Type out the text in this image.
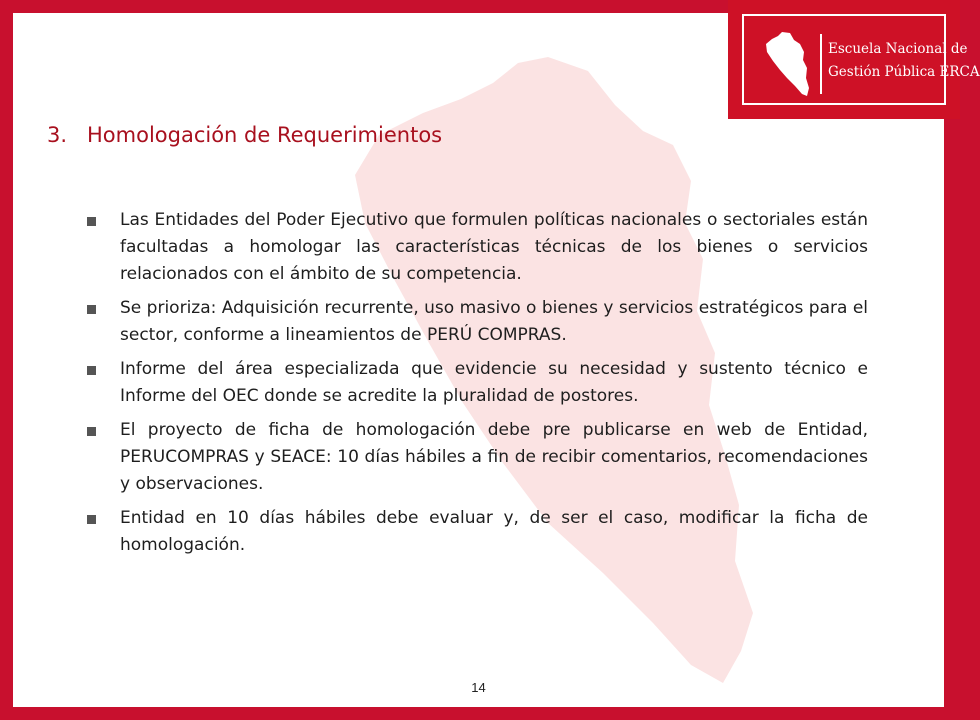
Escuela Nacional de
Gestión Pública ERCA
3. Homologación de Requerimientos
Las Entidades del Poder Ejecutivo que formulen políticas nacionales o sectoriales están facultadas a homologar las características técnicas de los bienes o servicios relacionados con el ámbito de su competencia.
Se prioriza: Adquisición recurrente, uso masivo o bienes y servicios estratégicos para el sector, conforme a lineamientos de PERÚ COMPRAS.
Informe del área especializada que evidencie su necesidad y sustento técnico e Informe del OEC donde se acredite la pluralidad de postores.
El proyecto de ficha de homologación debe pre publicarse en web de Entidad, PERUCOMPRAS y SEACE: 10 días hábiles a fin de recibir comentarios, recomendaciones y observaciones.
Entidad en 10 días hábiles debe evaluar y, de ser el caso, modificar la ficha de homologación.
14
